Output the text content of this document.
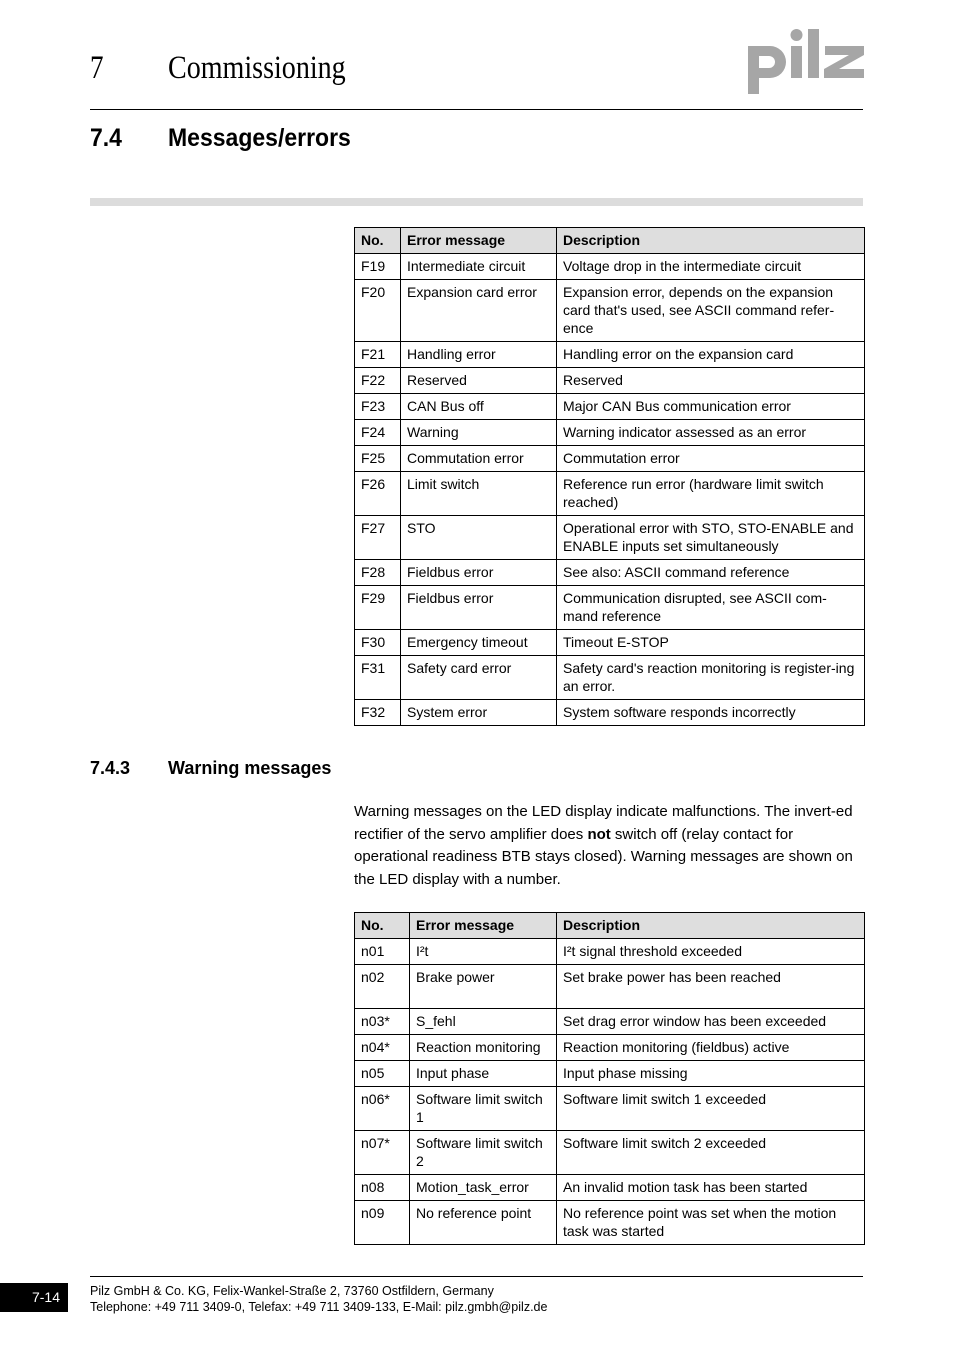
7 Commissioning
7.4 Messages/errors
No.	Error message	Description
F19	Intermediate circuit	Voltage drop in the intermediate circuit
F20	Expansion card error	Expansion error, depends on the expansion card that's used, see ASCII command refer-ence
F21	Handling error	Handling error on the expansion card
F22	Reserved	Reserved
F23	CAN Bus off	Major CAN Bus communication error
F24	Warning	Warning indicator assessed as an error
F25	Commutation error	Commutation error
F26	Limit switch	Reference run error (hardware limit switch reached)
F27	STO	Operational error with STO, STO-ENABLE and ENABLE inputs set simultaneously
F28	Fieldbus error	See also: ASCII command reference
F29	Fieldbus error	Communication disrupted, see ASCII com-mand reference
F30	Emergency timeout	Timeout E-STOP
F31	Safety card error	Safety card's reaction monitoring is register-ing an error.
F32	System error	System software responds incorrectly
7.4.3 Warning messages

Warning messages on the LED display indicate malfunctions. The invert-ed rectifier of the servo amplifier does not switch off (relay contact for operational readiness BTB stays closed). Warning messages are shown on the LED display with a number.

No.	Error message	Description
n01	I²t	I²t signal threshold exceeded
n02	Brake power	Set brake power has been reached
n03*	S_fehl	Set drag error window has been exceeded
n04*	Reaction monitoring	Reaction monitoring (fieldbus) active
n05	Input phase	Input phase missing
n06*	Software limit switch 1	Software limit switch 1 exceeded
n07*	Software limit switch 2	Software limit switch 2 exceeded
n08	Motion_task_error	An invalid motion task has been started
n09	No reference point	No reference point was set when the motion task was started
7-14	Pilz GmbH & Co. KG, Felix-Wankel-Straße 2, 73760 Ostfildern, Germany
Telephone: +49 711 3409-0, Telefax: +49 711 3409-133, E-Mail: pilz.gmbh@pilz.de
